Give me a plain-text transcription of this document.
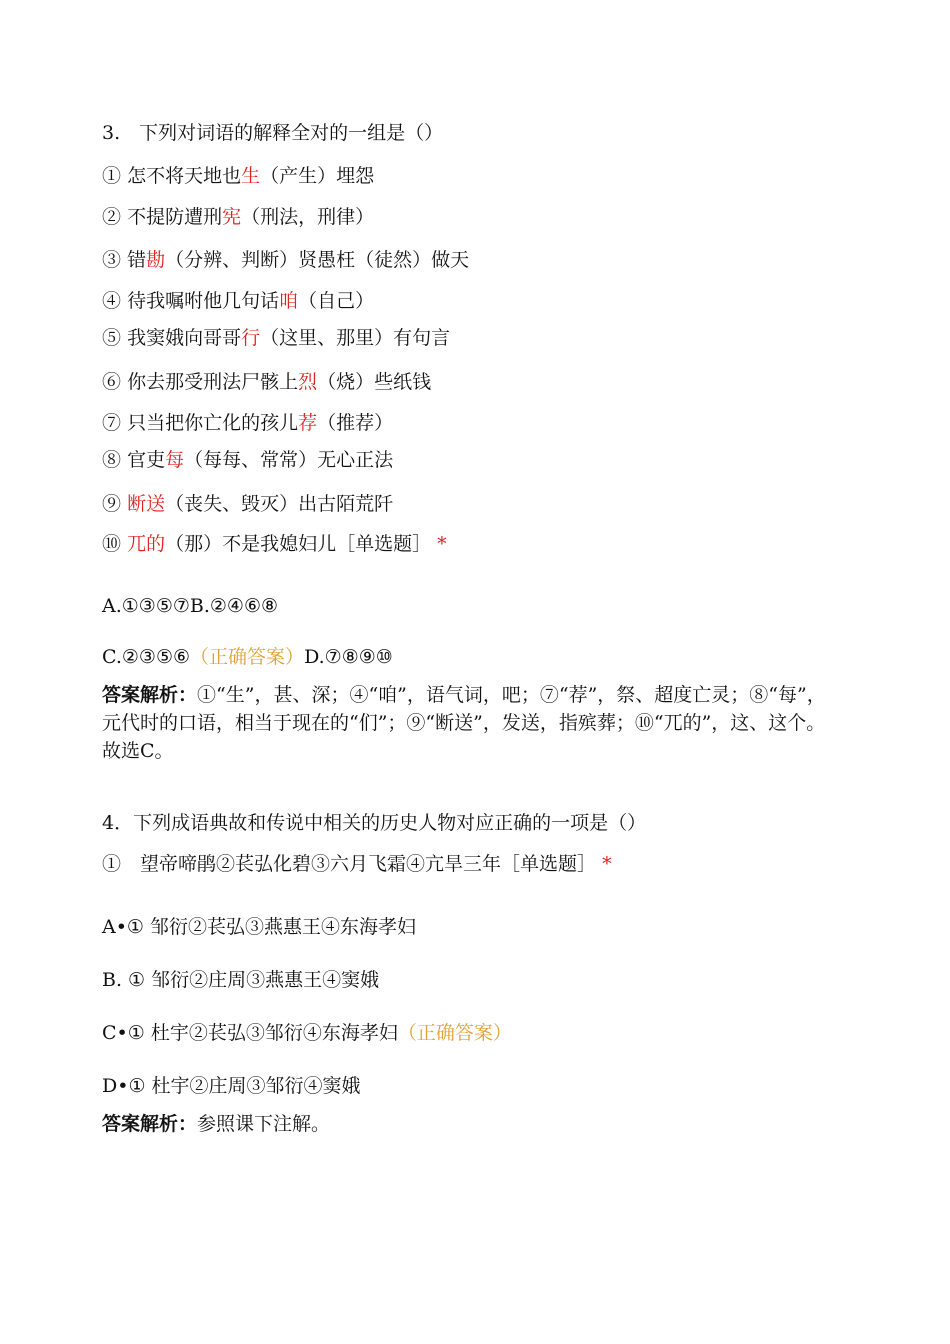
3.　下列对词语的解释全对的一组是（）
① 怎不将天地也生（产生）埋怨
② 不提防遭刑宪（刑法，刑律）
③ 错勘（分辨、判断）贤愚枉（徒然）做天
④ 待我嘱咐他几句话咱（自己）
⑤ 我窦娥向哥哥行（这里、那里）有句言
⑥ 你去那受刑法尸骸上烈（烧）些纸钱
⑦ 只当把你亡化的孩儿荐（推荐）
⑧ 官吏每（每每、常常）无心正法
⑨ 断送（丧失、毁灭）出古陌荒阡
⑩ 兀的（那）不是我媳妇儿［单选题］ *
A.①③⑤⑦B.②④⑥⑧
C.②③⑤⑥（正确答案）D.⑦⑧⑨⑩
答案解析：①“生”，甚、深；④“咱”，语气词，吧；⑦“荐”，祭、超度亡灵；⑧“每”，元代时的口语，相当于现在的“们”；⑨“断送”，发送，指殡葬；⑩“兀的”，这、这个。故选C。
4．下列成语典故和传说中相关的历史人物对应正确的一项是（）
①　望帝啼鹃②苌弘化碧③六月飞霜④亢旱三年［单选题］ *
A•① 邹衍②苌弘③燕惠王④东海孝妇
B. ① 邹衍②庄周③燕惠王④窦娥
C•① 杜宇②苌弘③邹衍④东海孝妇（正确答案）
D•① 杜宇②庄周③邹衍④窦娥
答案解析：参照课下注解。
